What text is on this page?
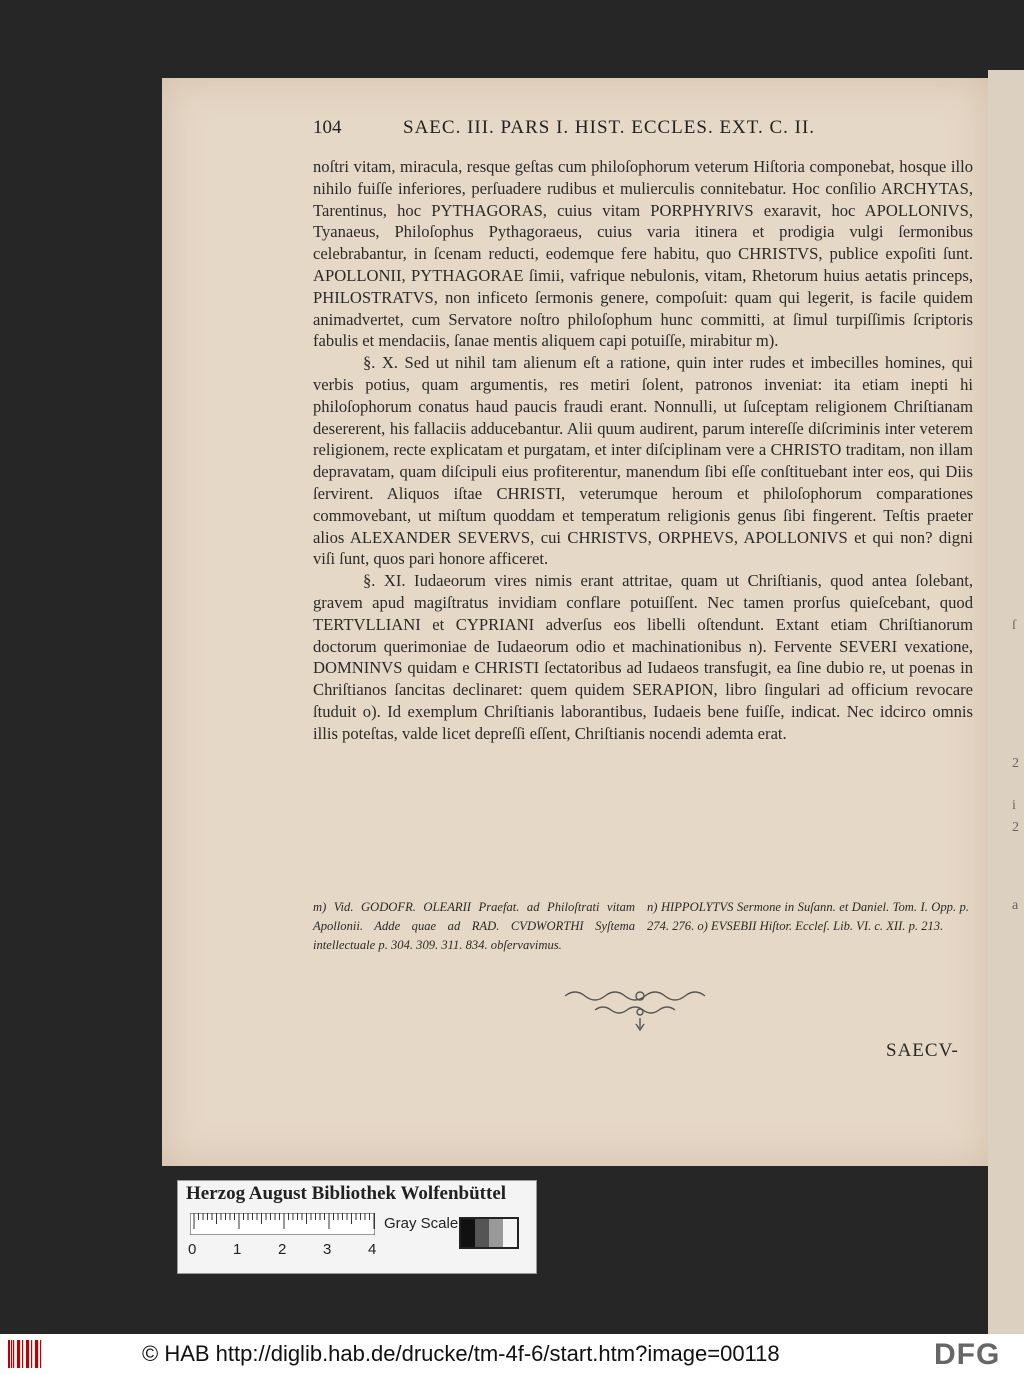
ſ
2
i
2
a
104	SAEC. III. PARS I. HIST. ECCLES. EXT. C. II.

noſtri vitam, miracula, resque geſtas cum philoſophorum veterum Hiſtoria componebat, hosque illo nihilo fuiſſe inferiores, perſuadere rudibus et mulierculis connitebatur. Hoc conſilio ARCHYTAS, Tarentinus, hoc PYTHAGORAS, cuius vitam PORPHYRIVS exaravit, hoc APOLLONIVS, Tyanaeus, Philoſophus Pythagoraeus, cuius varia itinera et prodigia vulgi ſermonibus celebrabantur, in ſcenam reducti, eodemque fere habitu, quo CHRISTVS, publice expoſiti ſunt. APOLLONII, PYTHAGORAE ſimii, vafrique nebulonis, vitam, Rhetorum huius aetatis princeps, PHILOSTRATVS, non inficeto ſermonis genere, compoſuit: quam qui legerit, is facile quidem animadvertet, cum Servatore noſtro philoſophum hunc committi, at ſimul turpiſſimis ſcriptoris fabulis et mendaciis, ſanae mentis aliquem capi potuiſſe, mirabitur m).

§. X. Sed ut nihil tam alienum eſt a ratione, quin inter rudes et imbecilles homines, qui verbis potius, quam argumentis, res metiri ſolent, patronos inveniat: ita etiam inepti hi philoſophorum conatus haud paucis fraudi erant. Nonnulli, ut ſuſceptam religionem Chriſtianam desererent, his fallaciis adducebantur. Alii quum audirent, parum intereſſe diſcriminis inter veterem religionem, recte explicatam et purgatam, et inter diſciplinam vere a CHRISTO traditam, non illam depravatam, quam diſcipuli eius profiterentur, manendum ſibi eſſe conſtituebant inter eos, qui Diis ſervirent. Aliquos iſtae CHRISTI, veterumque heroum et philoſophorum comparationes commovebant, ut miſtum quoddam et temperatum religionis genus ſibi fingerent. Teſtis praeter alios ALEXANDER SEVERVS, cui CHRISTVS, ORPHEVS, APOLLONIVS et qui non? digni viſi ſunt, quos pari honore afficeret.

§. XI. Iudaeorum vires nimis erant attritae, quam ut Chriſtianis, quod antea ſolebant, gravem apud magiſtratus invidiam conflare potuiſſent. Nec tamen prorſus quieſcebant, quod TERTVLLIANI et CYPRIANI adverſus eos libelli oſtendunt. Extant etiam Chriſtianorum doctorum querimoniae de Iudaeorum odio et machinationibus n). Fervente SEVERI vexatione, DOMNINVS quidam e CHRISTI ſectatoribus ad Iudaeos transfugit, ea ſine dubio re, ut poenas in Chriſtianos ſancitas declinaret: quem quidem SERAPION, libro ſingulari ad officium revocare ſtuduit o). Id exemplum Chriſtianis laborantibus, Iudaeis bene fuiſſe, indicat. Nec idcirco omnis illis poteſtas, valde licet depreſſi eſſent, Chriſtianis nocendi ademta erat.

m) Vid. GODOFR. OLEARII Praefat. ad Philoſtrati vitam Apollonii. Adde quae ad RAD. CVDWORTHI Syſtema intellectuale p. 304. 309. 311. 834. obſervavimus.
n) HIPPOLYTVS Sermone in Suſann. et Daniel. Tom. I. Opp. p. 274. 276. o) EVSEBII Hiſtor. Eccleſ. Lib. VI. c. XII. p. 213.
SAECV-
Herzog August Bibliothek Wolfenbüttel
0 1 2 3 4
Gray Scale
© HAB http://diglib.hab.de/drucke/tm-4f-6/start.htm?image=00118	DFG
